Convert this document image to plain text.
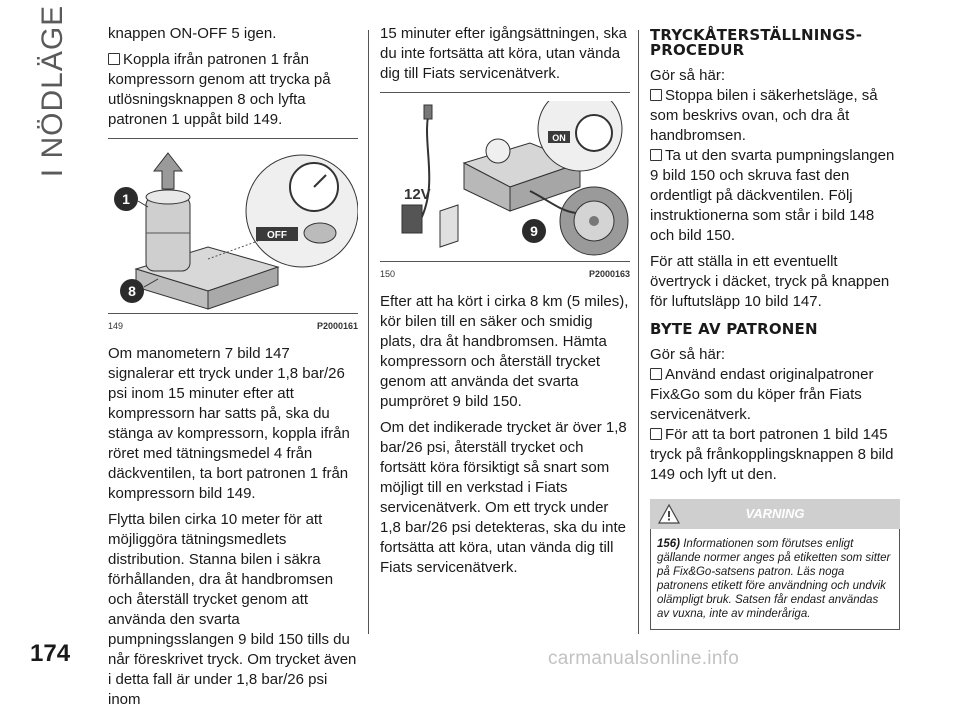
I NÖDLÄGE
174

knappen ON-OFF 5 igen.

Koppla ifrån patronen 1 från kompressorn genom att trycka på utlösningsknappen 8 och lyfta patronen 1 uppåt bild 149.

1
8
OFF
149	P2000161

Om manometern 7 bild 147 signalerar ett tryck under 1,8 bar/26 psi inom 15 minuter efter att kompressorn har satts på, ska du stänga av kompressorn, koppla ifrån röret med tätningsmedel 4 från däckventilen, ta bort patronen 1 från kompressorn bild 149.

Flytta bilen cirka 10 meter för att möjliggöra tätningsmedlets distribution. Stanna bilen i säkra förhållanden, dra åt handbromsen och återställ trycket genom att använda den svarta pumpningsslangen 9 bild 150 tills du når föreskrivet tryck. Om trycket även i detta fall är under 1,8 bar/26 psi inom

15 minuter efter igångsättningen, ska du inte fortsätta att köra, utan vända dig till Fiats servicenätverk.

12V
ON
9
150	P2000163

Efter att ha kört i cirka 8 km (5 miles), kör bilen till en säker och smidig plats, dra åt handbromsen. Hämta kompressorn och återställ trycket genom att använda det svarta pumpröret 9 bild 150.

Om det indikerade trycket är över 1,8 bar/26 psi, återställ trycket och fortsätt köra försiktigt så snart som möjligt till en verkstad i Fiats servicenätverk. Om ett tryck under 1,8 bar/26 psi detekteras, ska du inte fortsätta att köra, utan vända dig till Fiats servicenätverk.

TRYCKÅTERSTÄLLNINGS-PROCEDUR

Gör så här:

Stoppa bilen i säkerhetsläge, så som beskrivs ovan, och dra åt handbromsen.

Ta ut den svarta pumpningslangen 9 bild 150 och skruva fast den ordentligt på däckventilen. Följ instruktionerna som står i bild 148 och bild 150.

För att ställa in ett eventuellt övertryck i däcket, tryck på knappen för luftutsläpp 10 bild 147.

BYTE AV PATRONEN

Gör så här:

Använd endast originalpatroner Fix&Go som du köper från Fiats servicenätverk.

För att ta bort patronen 1 bild 145 tryck på frånkopplingsknappen 8 bild 149 och lyft ut den.

VARNING
156) Informationen som förutses enligt gällande normer anges på etiketten som sitter på Fix&Go-satsens patron. Läs noga patronens etikett före användning och undvik olämpligt bruk. Satsen får endast användas av vuxna, inte av minderåriga.
carmanualsonline.info
